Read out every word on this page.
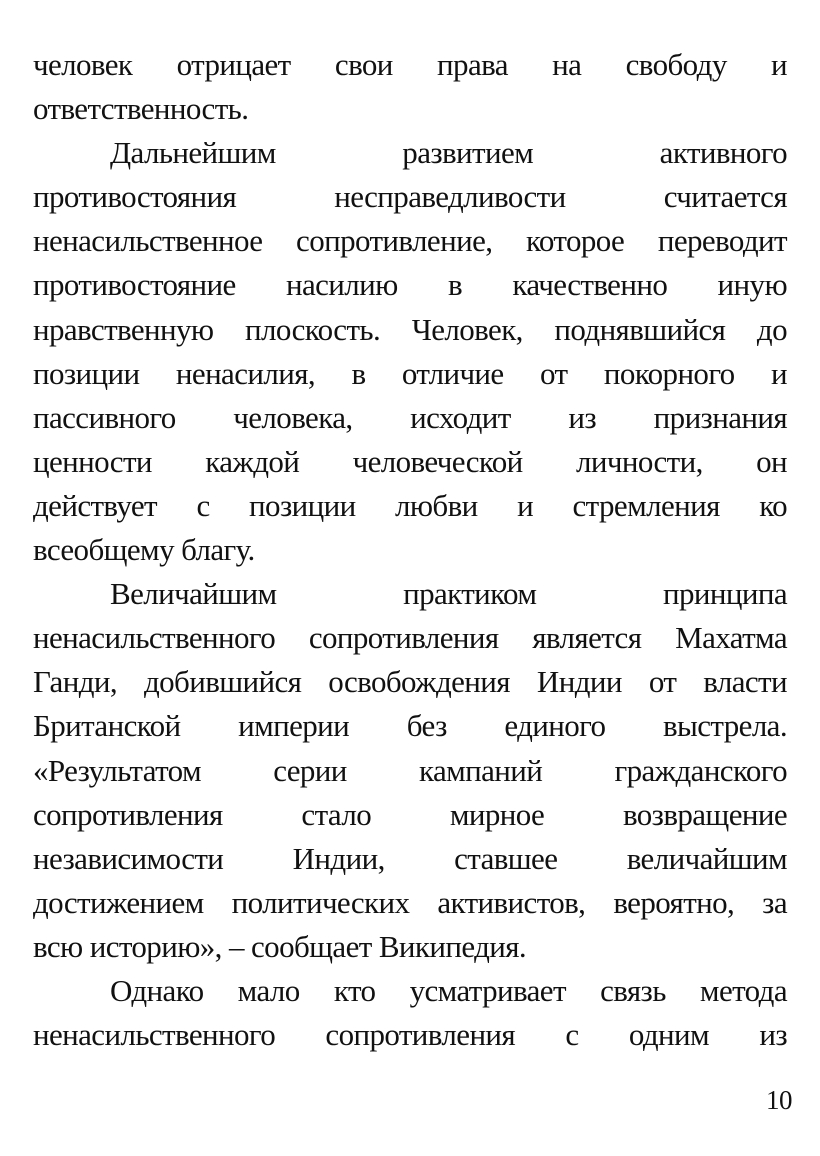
человек отрицает свои права на свободу и
ответственность.
Дальнейшим развитием активного
противостояния несправедливости считается
ненасильственное сопротивление, которое переводит
противостояние насилию в качественно иную
нравственную плоскость. Человек, поднявшийся до
позиции ненасилия, в отличие от покорного и
пассивного человека, исходит из признания
ценности каждой человеческой личности, он
действует с позиции любви и стремления ко
всеобщему благу.
Величайшим практиком принципа
ненасильственного сопротивления является Махатма
Ганди, добившийся освобождения Индии от власти
Британской империи без единого выстрела.
«Результатом серии кампаний гражданского
сопротивления стало мирное возвращение
независимости Индии, ставшее величайшим
достижением политических активистов, вероятно, за
всю историю», – сообщает Википедия.
Однако мало кто усматривает связь метода
ненасильственного сопротивления с одним из
10
